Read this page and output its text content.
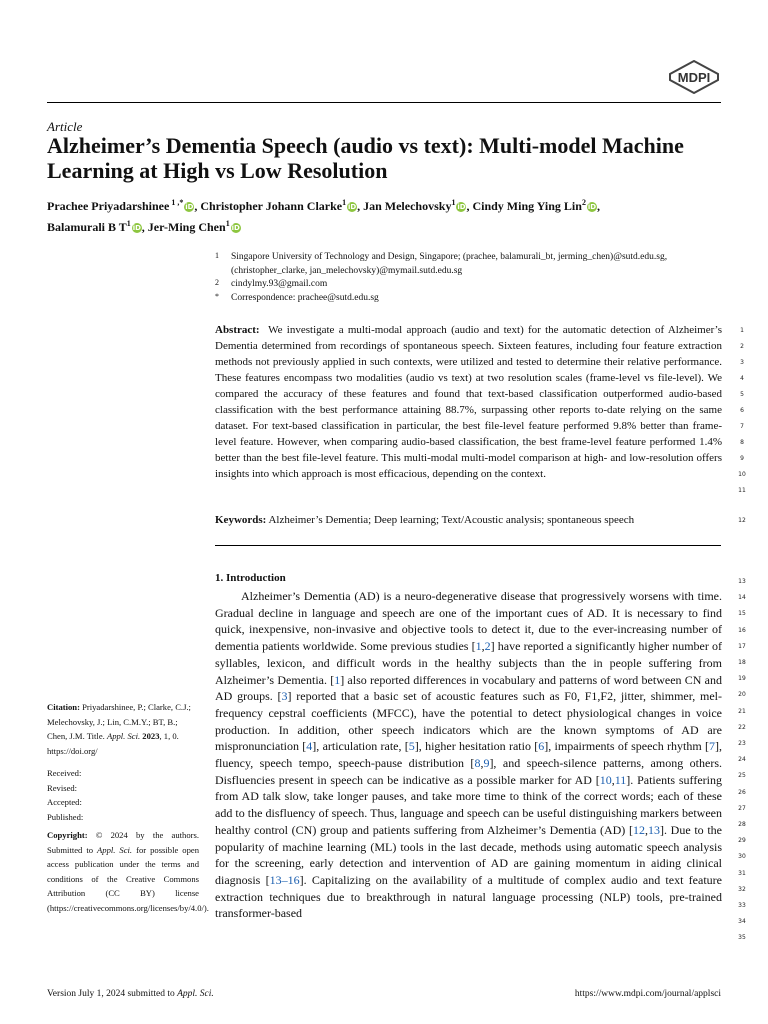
MDPI
Article
Alzheimer’s Dementia Speech (audio vs text): Multi-model Machine Learning at High vs Low Resolution
Prachee Priyadarshinee $^{1 ,*}$ iD, Christopher Johann Clarke$^1$ iD, Jan Melechovsky$^1$ iD, Cindy Ming Ying Lin$^2$ iD,
Balamurali B $T^1$ iD, Jer-Ming Chen$^1$ iD
1 Singapore University of Technology and Design, Singapore; (prachee, balamurali_bt, jerming_chen)@sutd.edu.sg, (christopher_clarke, jan_melechovsky)@mymail.sutd.edu.sg
2 cindylmy.93@gmail.com
* Correspondence: prachee@sutd.edu.sg
Abstract: We investigate a multi-modal approach (audio and text) for the automatic detection of Alzheimer’s Dementia determined from recordings of spontaneous speech. Sixteen features, including four feature extraction methods not previously applied in such contexts, were utilized and tested to determine their relative performance. These features encompass two modalities (audio vs text) at two resolution scales (frame-level vs file-level). We compared the accuracy of these features and found that text-based classification outperformed audio-based classification with the best performance attaining 88.7%, surpassing other reports to-date relying on the same dataset. For text-based classification in particular, the best file-level feature performed 9.8% better than frame-level feature. However, when comparing audio-based classification, the best frame-level feature performed 1.4% better than the best file-level feature. This multi-modal multi-model comparison at high- and low-resolution offers insights into which approach is most efficacious, depending on the context.
Keywords: Alzheimer’s Dementia; Deep learning; Text/Acoustic analysis; spontaneous speech
1. Introduction

Alzheimer’s Dementia (AD) is a neuro-degenerative disease that progressively worsens with time. Gradual decline in language and speech are one of the important cues of AD. It is necessary to find quick, inexpensive, non-invasive and objective tools to detect it, due to the ever-increasing number of dementia patients worldwide. Some previous studies [1,2] have reported a significantly higher number of syllables, lexicon, and difficult words in the healthy subjects than the in people suffering from Alzheimer’s Dementia. [1] also reported differences in vocabulary and patterns of word between CN and AD groups. [3] reported that a basic set of acoustic features such as F0, F1,F2, jitter, shimmer, mel-frequency cepstral coefficients (MFCC), have the potential to detect physiological changes in voice production. In addition, other speech indicators which are the known symptoms of AD are mispronunciation [4], articulation rate, [5], higher hesitation ratio [6], impairments of speech rhythm [7], fluency, speech tempo, speech-pause distribution [8,9], and speech-silence patterns, among others. Disfluencies present in speech can be indicative as a possible marker for AD [10,11]. Patients suffering from AD talk slow, take longer pauses, and take more time to think of the correct words; each of these add to the disfluency of speech. Thus, language and speech can be useful distinguishing markers between healthy control (CN) group and patients suffering from Alzheimer’s Dementia (AD) [12,13]. Due to the popularity of machine learning (ML) tools in the last decade, methods using automatic speech analysis for the screening, early detection and intervention of AD are gaining momentum in aiding clinical diagnosis [13–16]. Capitalizing on the availability of a multitude of complex audio and text feature extraction techniques due to breakthrough in natural language processing (NLP) tools, pre-trained transformer-based

1
2
3
4
5
6
7
8
9
10
11
12
13
14
15
16
17
18
19
20
21
22
23
24
25
26
27
28
29
30
31
32
33
34
35
Citation: Priyadarshinee, P.; Clarke, C.J.; Melechovsky, J.; Lin, C.M.Y.; BT, B.; Chen, J.M. Title. Appl. Sci. 2023, 1, 0. https://doi.org/
Received:
Revised:
Accepted:
Published:
Copyright: © 2024 by the authors. Submitted to Appl. Sci. for possible open access publication under the terms and conditions of the Creative Commons Attribution (CC BY) license (https://creativecommons.org/licenses/by/4.0/).
Version July 1, 2024 submitted to Appl. Sci.	https://www.mdpi.com/journal/applsci
